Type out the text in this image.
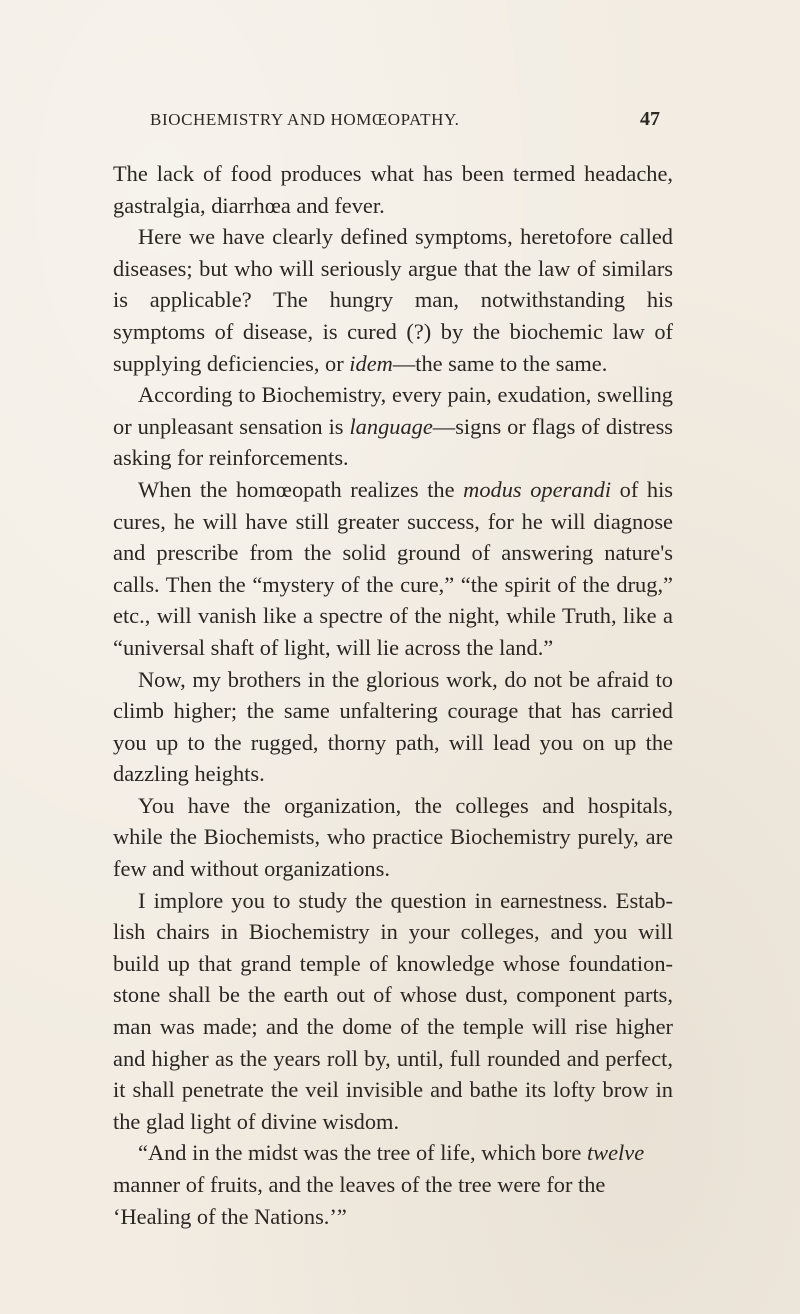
BIOCHEMISTRY AND HOMŒOPATHY.	47

The lack of food produces what has been termed headache, gastralgia, diarrhœa and fever.

Here we have clearly defined symptoms, heretofore called diseases; but who will seriously argue that the law of similars is applicable? The hungry man, notwithstanding his symptoms of disease, is cured (?) by the biochemic law of supplying deficiencies, or idem—the same to the same.

According to Biochemistry, every pain, exudation, swelling or unpleasant sensation is language—signs or flags of distress asking for reinforcements.

When the homœopath realizes the modus operandi of his cures, he will have still greater success, for he will diagnose and prescribe from the solid ground of answering nature's calls. Then the “mystery of the cure,” “the spirit of the drug,” etc., will vanish like a spectre of the night, while Truth, like a “universal shaft of light, will lie across the land.”

Now, my brothers in the glorious work, do not be afraid to climb higher; the same unfaltering courage that has carried you up to the rugged, thorny path, will lead you on up the dazzling heights.

You have the organization, the colleges and hospitals, while the Biochemists, who practice Biochemistry purely, are few and without organizations.

I implore you to study the question in earnestness. Establish chairs in Biochemistry in your colleges, and you will build up that grand temple of knowledge whose foundationstone shall be the earth out of whose dust, component parts, man was made; and the dome of the temple will rise higher and higher as the years roll by, until, full rounded and perfect, it shall penetrate the veil invisible and bathe its lofty brow in the glad light of divine wisdom.

“And in the midst was the tree of life, which bore twelve manner of fruits, and the leaves of the tree were for the ‘Healing of the Nations.’”
